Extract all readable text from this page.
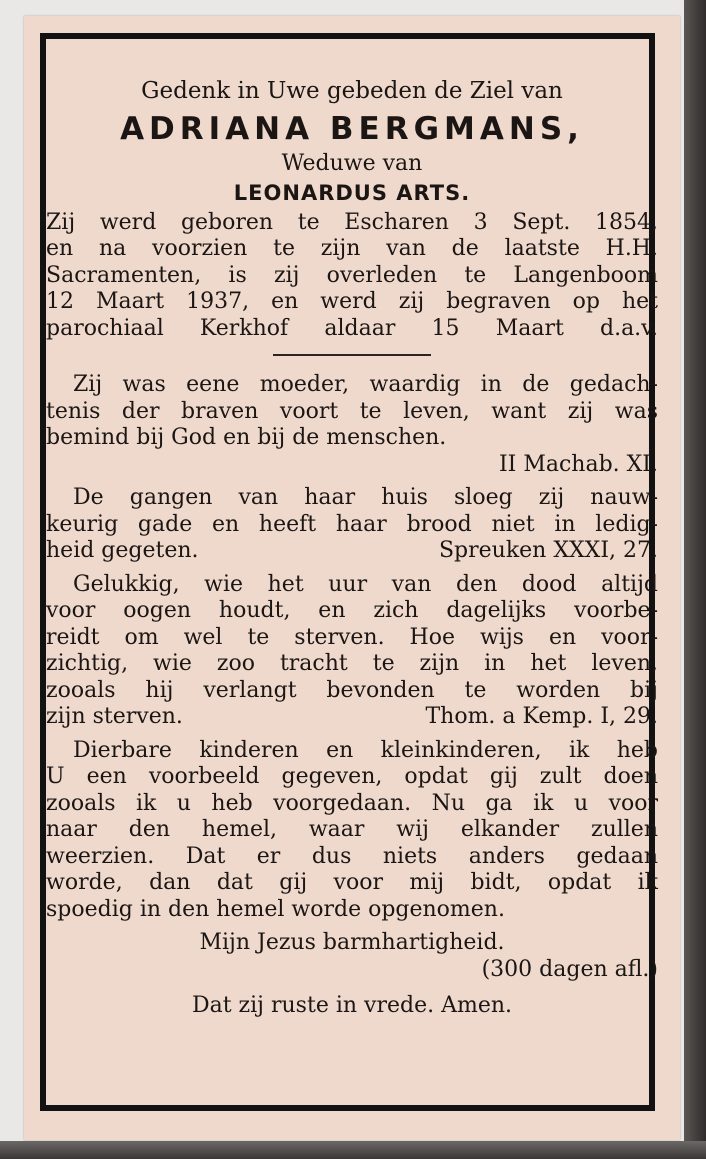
Gedenk in Uwe gebeden de Ziel van
ADRIANA BERGMANS,
Weduwe van
LEONARDUS ARTS.
Zij werd geboren te Escharen 3 Sept. 1854,
en na voorzien te zijn van de laatste H.H.
Sacramenten, is zij overleden te Langenboom
12 Maart 1937, en werd zij begraven op het
parochiaal Kerkhof aldaar 15 Maart d.a.v.
Zij was eene moeder, waardig in de gedach-
tenis der braven voort te leven, want zij was
bemind bij God en bij de menschen.
II Machab. XI.
De gangen van haar huis sloeg zij nauw-
keurig gade en heeft haar brood niet in ledig-
heid gegeten.	Spreuken XXXI, 27.
Gelukkig, wie het uur van den dood altijd
voor oogen houdt, en zich dagelijks voorbe-
reidt om wel te sterven. Hoe wijs en voor-
zichtig, wie zoo tracht te zijn in het leven,
zooals hij verlangt bevonden te worden bij
zijn sterven.	Thom. a Kemp. I, 29.
Dierbare kinderen en kleinkinderen, ik heb
U een voorbeeld gegeven, opdat gij zult doen
zooals ik u heb voorgedaan. Nu ga ik u voor
naar den hemel, waar wij elkander zullen
weerzien. Dat er dus niets anders gedaan
worde, dan dat gij voor mij bidt, opdat ik
spoedig in den hemel worde opgenomen.
Mijn Jezus barmhartigheid.
(300 dagen afl.)
Dat zij ruste in vrede. Amen.
